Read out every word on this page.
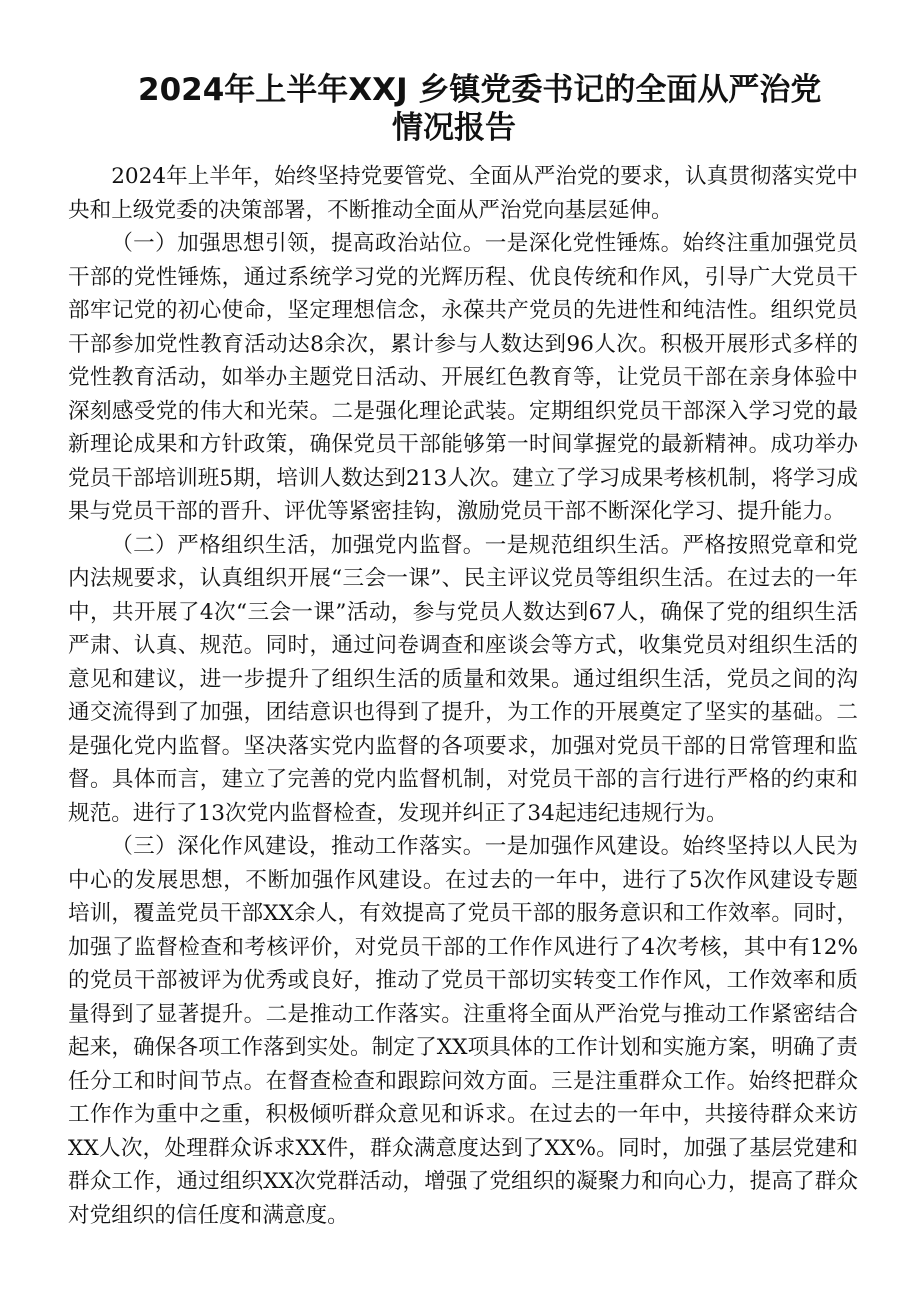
2024年上半年XXJ 乡镇党委书记的全面从严治党
情况报告

2024年上半年，始终坚持党要管党、全面从严治党的要求，认真贯彻落实党中央和上级党委的决策部署，不断推动全面从严治党向基层延伸。

（一）加强思想引领，提高政治站位。一是深化党性锤炼。始终注重加强党员干部的党性锤炼，通过系统学习党的光辉历程、优良传统和作风，引导广大党员干部牢记党的初心使命，坚定理想信念，永葆共产党员的先进性和纯洁性。组织党员干部参加党性教育活动达8余次，累计参与人数达到96人次。积极开展形式多样的党性教育活动，如举办主题党日活动、开展红色教育等，让党员干部在亲身体验中深刻感受党的伟大和光荣。二是强化理论武装。定期组织党员干部深入学习党的最新理论成果和方针政策，确保党员干部能够第一时间掌握党的最新精神。成功举办党员干部培训班5期，培训人数达到213人次。建立了学习成果考核机制，将学习成果与党员干部的晋升、评优等紧密挂钩，激励党员干部不断深化学习、提升能力。

（二）严格组织生活，加强党内监督。一是规范组织生活。严格按照党章和党内法规要求，认真组织开展“三会一课”、民主评议党员等组织生活。在过去的一年中，共开展了4次“三会一课”活动，参与党员人数达到67人，确保了党的组织生活严肃、认真、规范。同时，通过问卷调查和座谈会等方式，收集党员对组织生活的意见和建议，进一步提升了组织生活的质量和效果。通过组织生活，党员之间的沟通交流得到了加强，团结意识也得到了提升，为工作的开展奠定了坚实的基础。二是强化党内监督。坚决落实党内监督的各项要求，加强对党员干部的日常管理和监督。具体而言，建立了完善的党内监督机制，对党员干部的言行进行严格的约束和规范。进行了13次党内监督检查，发现并纠正了34起违纪违规行为。

（三）深化作风建设，推动工作落实。一是加强作风建设。始终坚持以人民为中心的发展思想，不断加强作风建设。在过去的一年中，进行了5次作风建设专题培训，覆盖党员干部XX余人，有效提高了党员干部的服务意识和工作效率。同时，加强了监督检查和考核评价，对党员干部的工作作风进行了4次考核，其中有12%的党员干部被评为优秀或良好，推动了党员干部切实转变工作作风，工作效率和质量得到了显著提升。二是推动工作落实。注重将全面从严治党与推动工作紧密结合起来，确保各项工作落到实处。制定了XX项具体的工作计划和实施方案，明确了责任分工和时间节点。在督查检查和跟踪问效方面。三是注重群众工作。始终把群众工作作为重中之重，积极倾听群众意见和诉求。在过去的一年中，共接待群众来访XX人次，处理群众诉求XX件，群众满意度达到了XX%。同时，加强了基层党建和群众工作，通过组织XX次党群活动，增强了党组织的凝聚力和向心力，提高了群众对党组织的信任度和满意度。
